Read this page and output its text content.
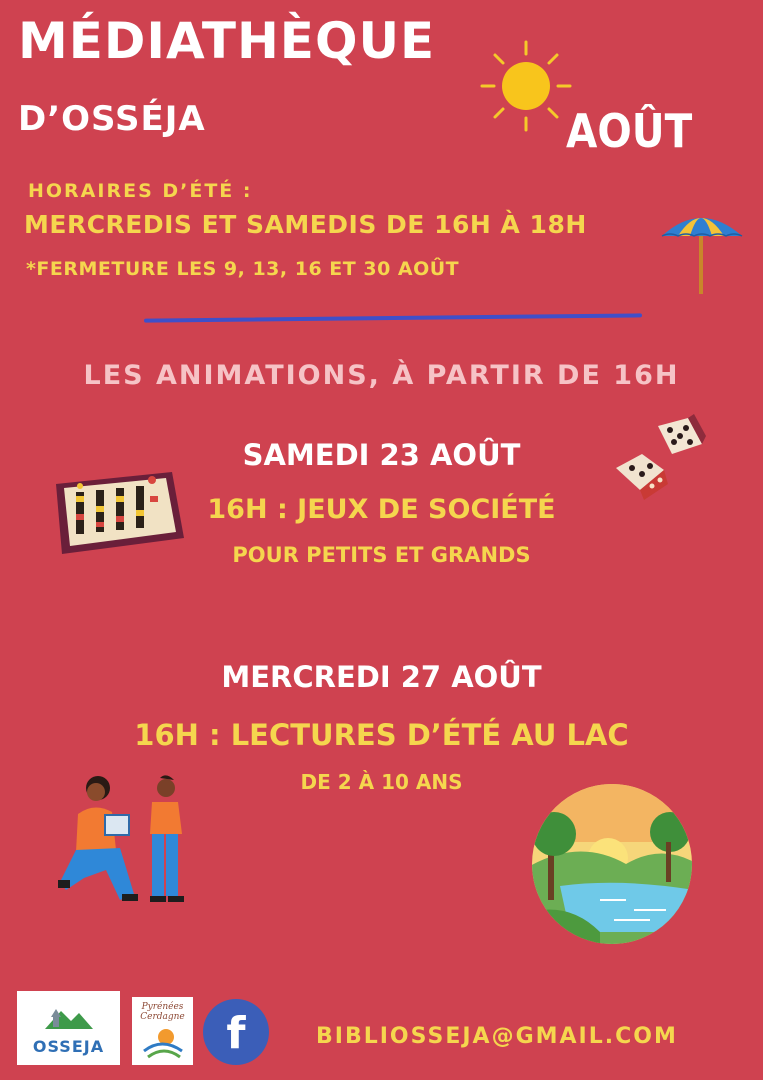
MÉDIATHÈQUE
D’OSSÉJA	AOÛT
HORAIRES D’ÉTÉ :
MERCREDIS ET SAMEDIS DE 16H À 18H
*FERMETURE LES 9, 13, 16 ET 30 AOÛT
LES ANIMATIONS, À PARTIR DE 16H
SAMEDI 23 AOÛT
16H : JEUX DE SOCIÉTÉ
POUR PETITS ET GRANDS
MERCREDI 27 AOÛT
16H : LECTURES D’ÉTÉ AU LAC
DE 2 À 10 ANS
OSSEJA
Pyrénées Cerdagne f	BIBLIOSSEJA@GMAIL.COM
